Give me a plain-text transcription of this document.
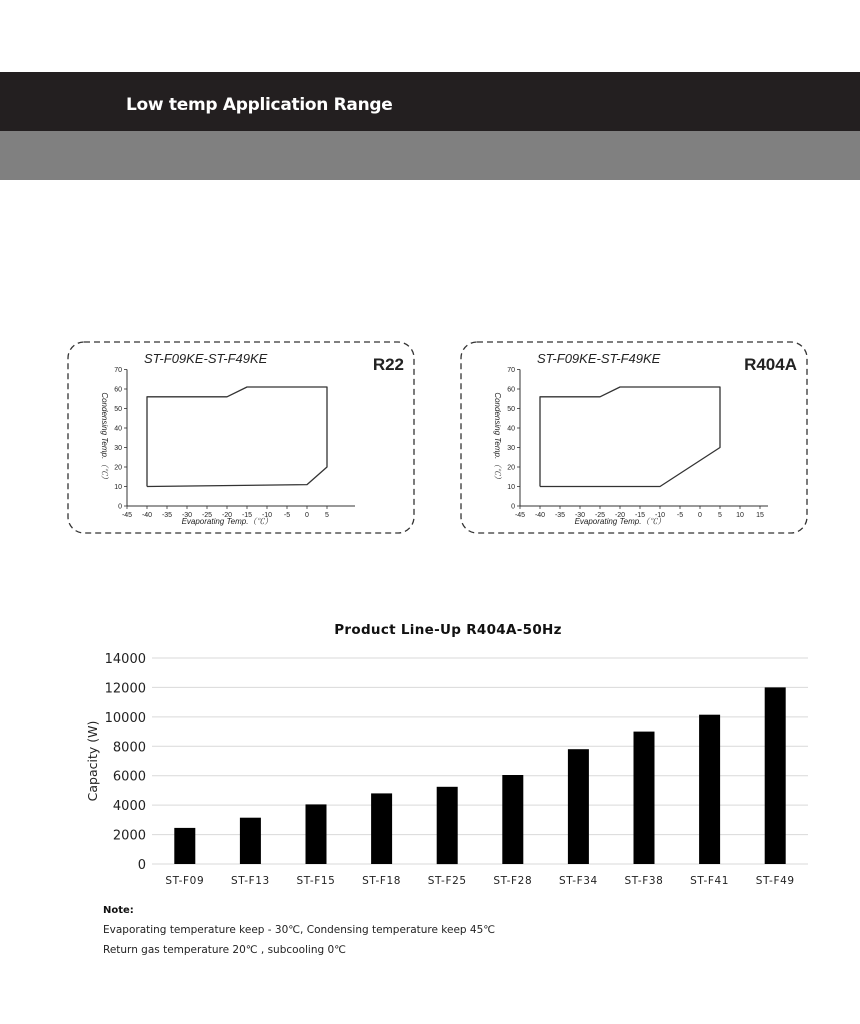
Low temp Application Range
ST-F09KE-ST-F49KE	R22
-45 -40 -35 -30 -25 -20 -15 -10 -5 0 5
0
10
20
30
40
50
60
70
Evaporating Temp.（℃）
Condensing Temp.（℃）
ST-F09KE-ST-F49KE	R404A
-45 -40 -35 -30 -25 -20 -15 -10 -5 0 5 10 15
0
10
20
30
40
50
60
70
Evaporating Temp.（℃）
Condensing Temp.（℃）
Product Line-Up R404A-50Hz
0
2000
4000
6000
8000
10000
12000
14000
Capacity (W)
ST-F09	ST-F13	ST-F15	ST-F18	ST-F25	ST-F28	ST-F34	ST-F38	ST-F41	ST-F49
Note:
Evaporating temperature keep - 30℃, Condensing temperature keep 45℃
Return gas temperature 20℃ , subcooling 0℃
